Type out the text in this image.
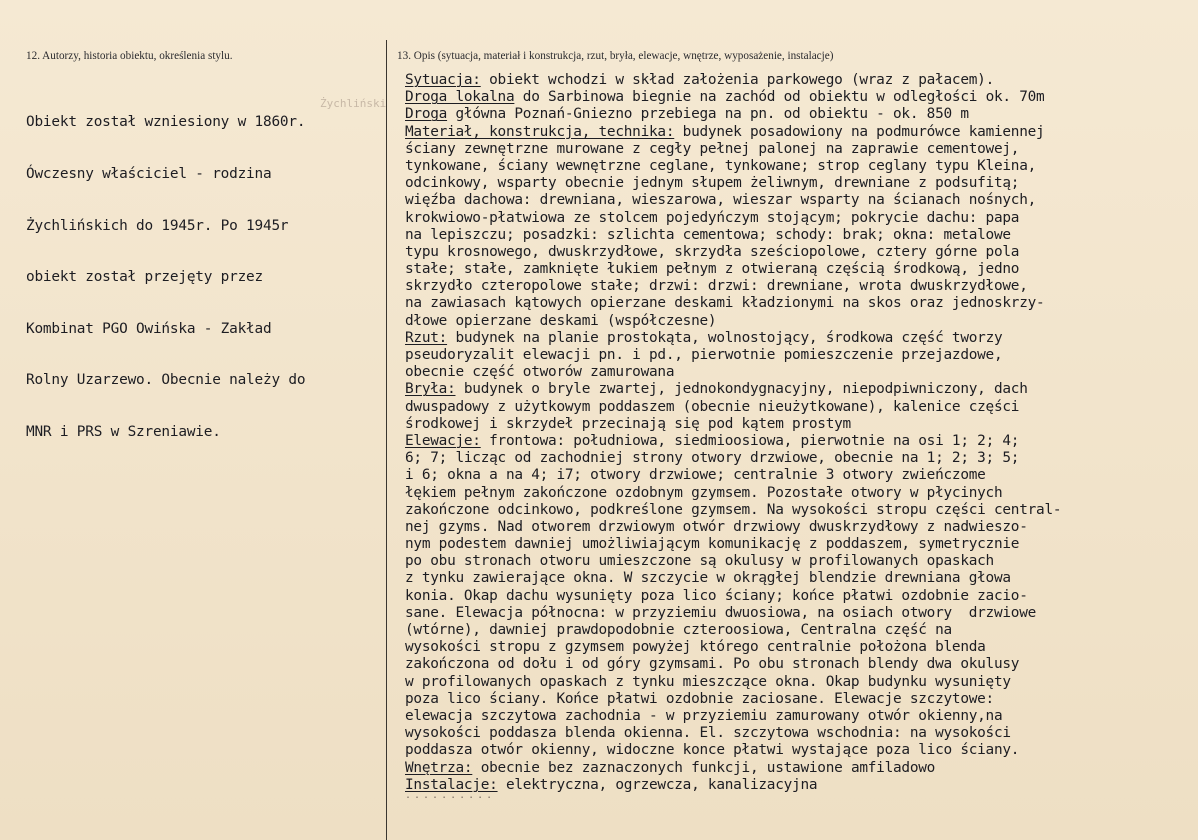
12. Autorzy, historia obiektu, określenia stylu.	13. Opis (sytuacja, materiał i konstrukcja, rzut, bryła, elewacje, wnętrze, wyposażenie, instalacje)
Żychliński

Obiekt został wzniesiony w 1860r.

Ówczesny właściciel - rodzina

Żychlińskich do 1945r. Po 1945r

obiekt został przejęty przez

Kombinat PGO Owińska - Zakład

Rolny Uzarzewo. Obecnie należy do

MNR i PRS w Szreniawie.

Sytuacja: obiekt wchodzi w skład założenia parkowego (wraz z pałacem).
Droga lokalna do Sarbinowa biegnie na zachód od obiektu w odległości ok. 70m
Droga główna Poznań-Gniezno przebiega na pn. od obiektu - ok. 850 m
Materiał, konstrukcja, technika: budynek posadowiony na podmurówce kamiennej
ściany zewnętrzne murowane z cegły pełnej palonej na zaprawie cementowej,
tynkowane, ściany wewnętrzne ceglane, tynkowane; strop ceglany typu Kleina,
odcinkowy, wsparty obecnie jednym słupem żeliwnym, drewniane z podsufitą;
więźba dachowa: drewniana, wieszarowa, wieszar wsparty na ścianach nośnych,
krokwiowo-płatwiowa ze stolcem pojedyńczym stojącym; pokrycie dachu: papa
na lepiszczu; posadzki: szlichta cementowa; schody: brak; okna: metalowe
typu krosnowego, dwuskrzydłowe, skrzydła sześciopolowe, cztery górne pola
stałe; stałe, zamknięte łukiem pełnym z otwieraną częścią środkową, jedno
skrzydło czteropolowe stałe; drzwi: drzwi: drewniane, wrota dwuskrzydłowe,
na zawiasach kątowych opierzane deskami kładzionymi na skos oraz jednoskrzy-
dłowe opierzane deskami (współczesne)
Rzut: budynek na planie prostokąta, wolnostojący, środkowa część tworzy
pseudoryzalit elewacji pn. i pd., pierwotnie pomieszczenie przejazdowe,
obecnie część otworów zamurowana
Bryła: budynek o bryle zwartej, jednokondygnacyjny, niepodpiwniczony, dach
dwuspadowy z użytkowym poddaszem (obecnie nieużytkowane), kalenice części
środkowej i skrzydeł przecinają się pod kątem prostym
Elewacje: frontowa: południowa, siedmioosiowa, pierwotnie na osi 1; 2; 4;
6; 7; licząc od zachodniej strony otwory drzwiowe, obecnie na 1; 2; 3; 5;
i 6; okna a na 4; i7; otwory drzwiowe; centralnie 3 otwory zwieńczome
łękiem pełnym zakończone ozdobnym gzymsem. Pozostałe otwory w płycinych
zakończone odcinkowo, podkreślone gzymsem. Na wysokości stropu części central-
nej gzyms. Nad otworem drzwiowym otwór drzwiowy dwuskrzydłowy z nadwieszo-
nym podestem dawniej umożliwiającym komunikację z poddaszem, symetrycznie
po obu stronach otworu umieszczone są okulusy w profilowanych opaskach
z tynku zawierające okna. W szczycie w okrągłej blendzie drewniana głowa
konia. Okap dachu wysunięty poza lico ściany; końce płatwi ozdobnie zacio-
sane. Elewacja północna: w przyziemiu dwuosiowa, na osiach otwory  drzwiowe
(wtórne), dawniej prawdopodobnie czteroosiowa, Centralna część na
wysokości stropu z gzymsem powyżej którego centralnie położona blenda
zakończona od dołu i od góry gzymsami. Po obu stronach blendy dwa okulusy
w profilowanych opaskach z tynku mieszczące okna. Okap budynku wysunięty
poza lico ściany. Końce płatwi ozdobnie zaciosane. Elewacje szczytowe:
elewacja szczytowa zachodnia - w przyziemiu zamurowany otwór okienny,na
wysokości poddasza blenda okienna. El. szczytowa wschodnia: na wysokości
poddasza otwór okienny, widoczne konce płatwi wystające poza lico ściany.
Wnętrza: obecnie bez zaznaczonych funkcji, ustawione amfiladowo
Instalacje: elektryczna, ogrzewcza, kanalizacyjna
..........
